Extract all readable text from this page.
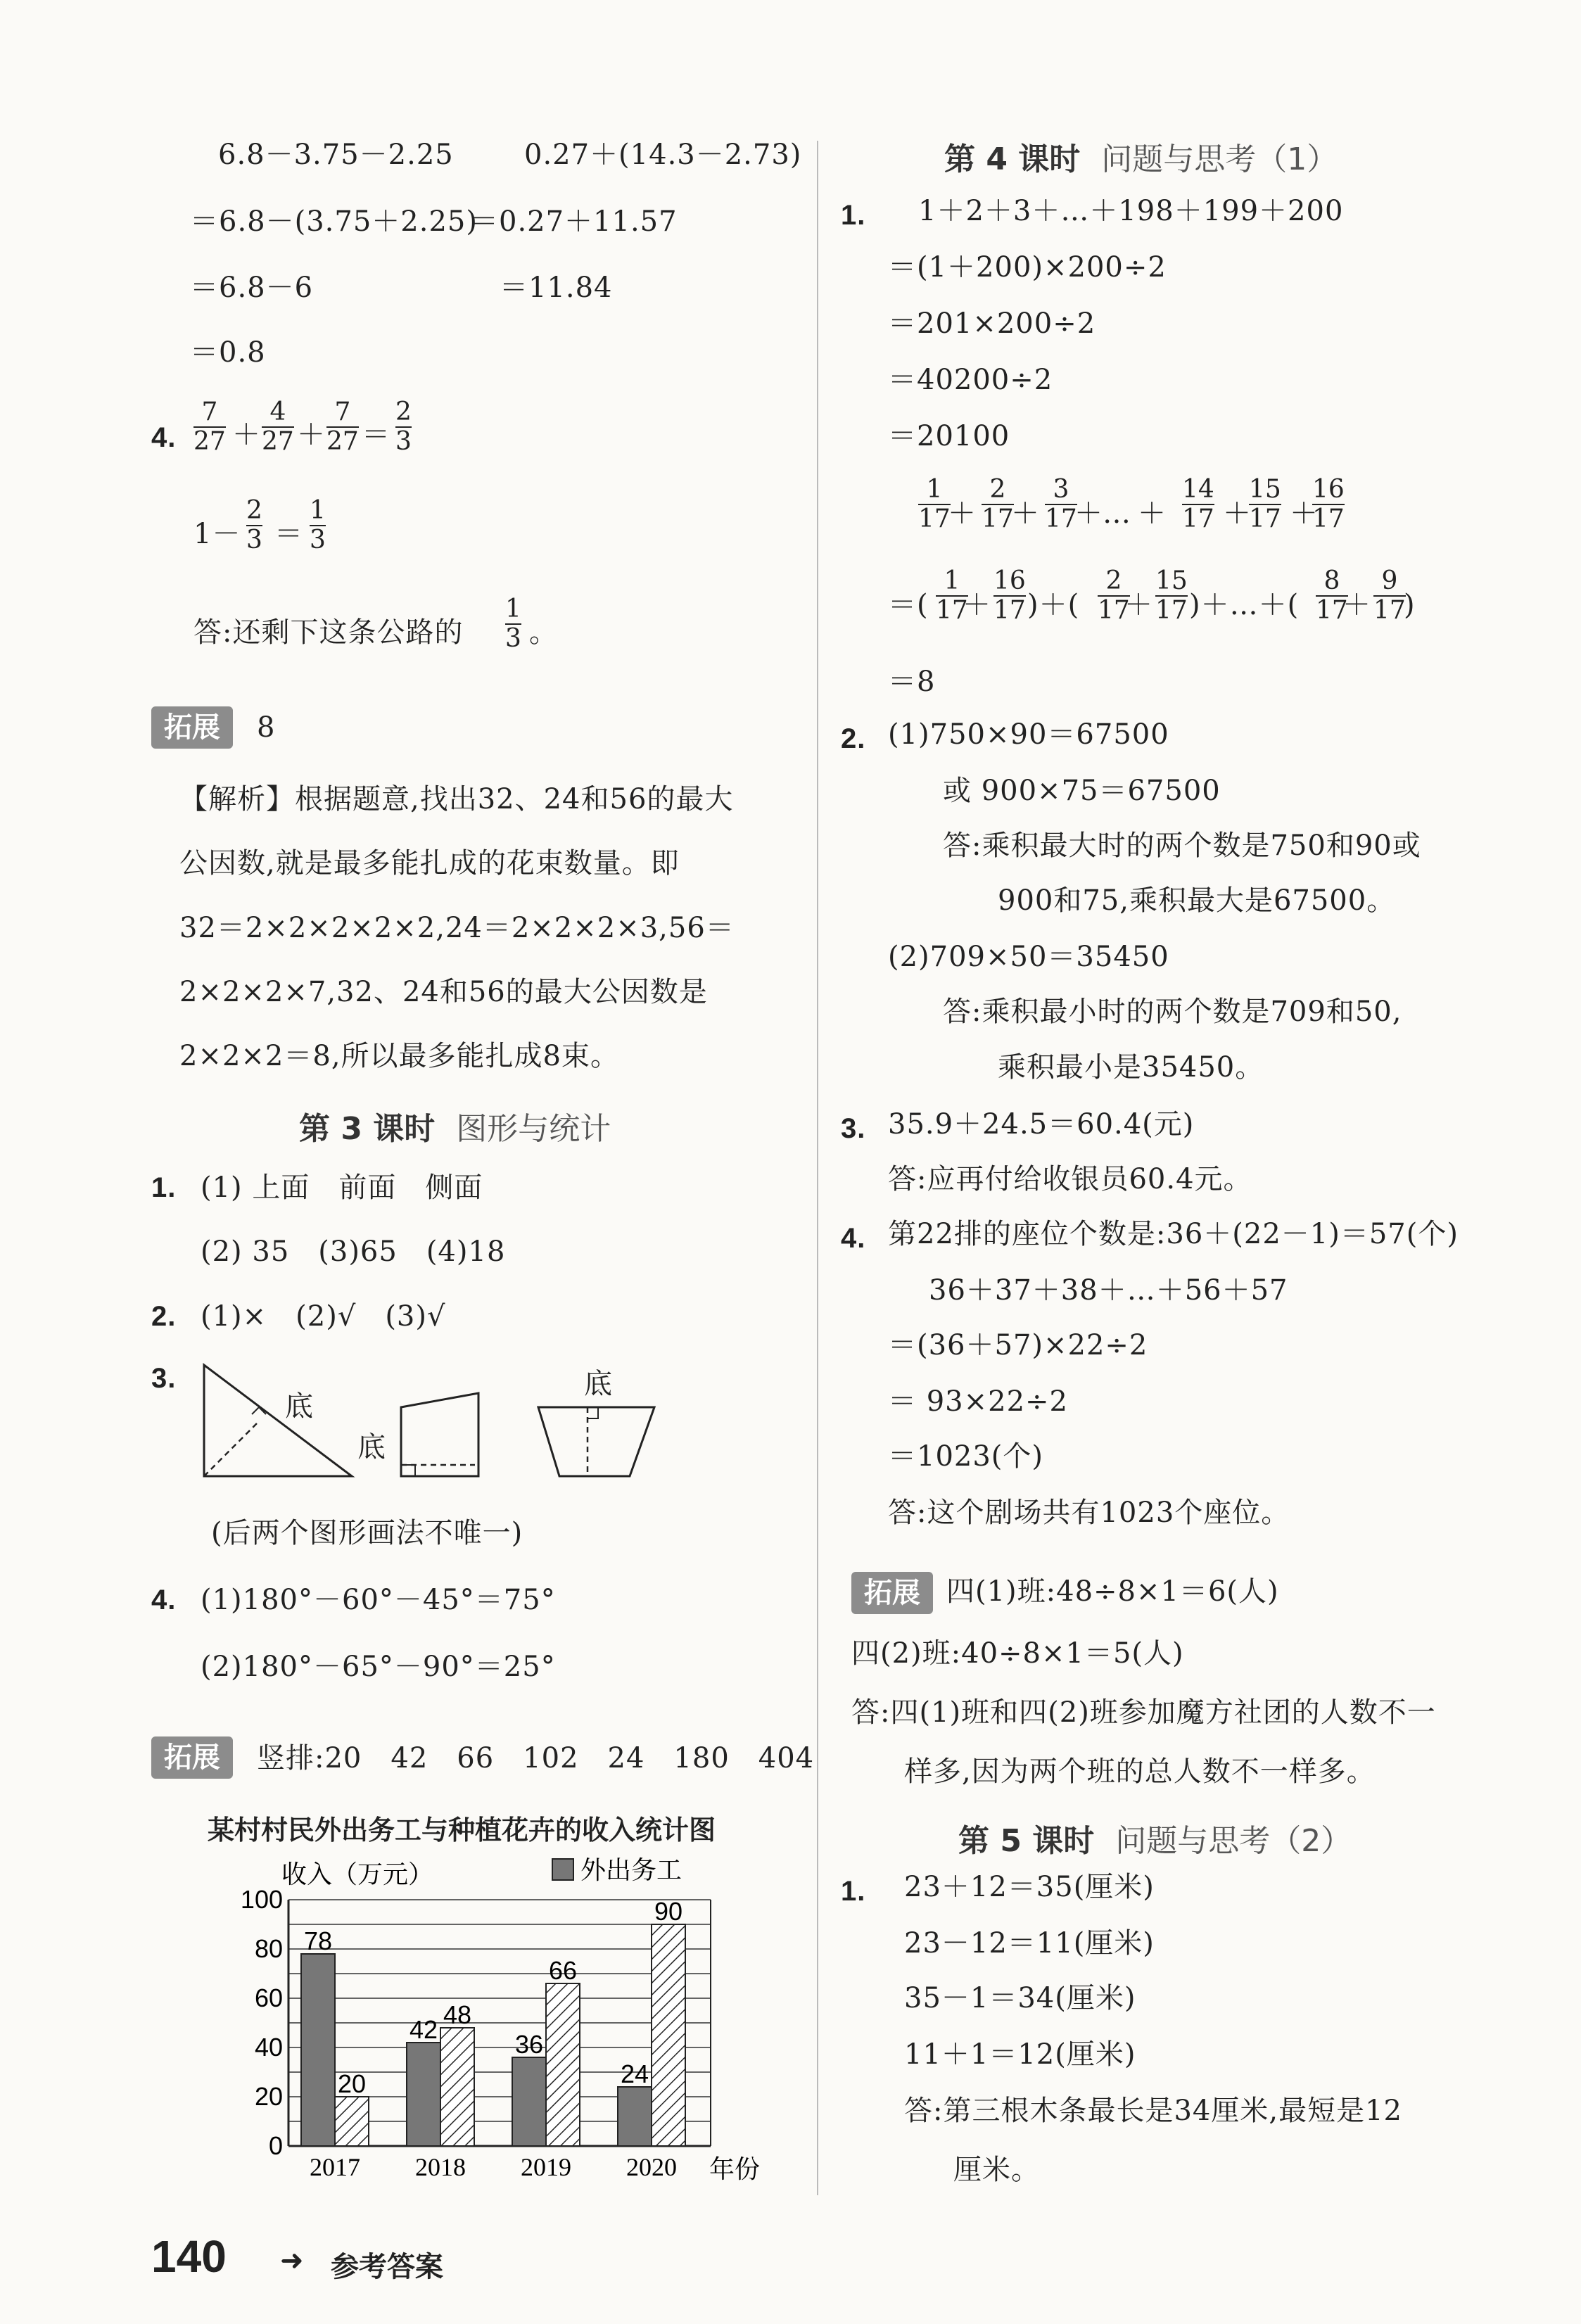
6.8－3.75－2.25	0.27＋(14.3－2.73)
＝6.8－(3.75＋2.25)
＝0.27＋11.57
＝6.8－6	＝11.84
＝0.8
4.
7
27 ＋
4
27 ＋
7
27 ＝
2
3
1－
2
3 ＝
1
3
答:还剩下这条公路的
1
3 。
拓展	8
【解析】根据题意,找出32、24和56的最大
公因数,就是最多能扎成的花束数量。即
32＝2×2×2×2×2,24＝2×2×2×3,56＝
2×2×2×7,32、24和56的最大公因数是
2×2×2＝8,所以最多能扎成8束。
第 3 课时 图形与统计
1. (1) 上面　前面　侧面
(2) 35　(3)65　(4)18
2. (1)×　(2)√　(3)√
3.
底
底
底
(后两个图形画法不唯一)
4. (1)180°－60°－45°＝75°
(2)180°－65°－90°＝25°
拓展	竖排:20　42　66　102　24　180　404
某村村民外出务工与种植花卉的收入统计图
0
20
40
60
80
100
收入（万元）
年份
78
20
2017
42
48
2018
36
66
2019
24
90
2020
外出务工
140 ➜ 参考答案
第 4 课时 问题与思考（1）
1. 1＋2＋3＋…＋198＋199＋200
＝(1＋200)×200÷2
＝201×200÷2
＝40200÷2
＝20100
1
17
＋
2
17
＋
3
17
＋ … ＋
14
17 ＋
15
17 ＋
16
17
＝(
1
17
＋
16
17 )＋(
2
17
＋
15
17 )＋…＋(
8
17
＋
9
17
)
＝8
2. (1)750×90＝67500
或 900×75＝67500
答:乘积最大时的两个数是750和90或
900和75,乘积最大是67500。
(2)709×50＝35450
答:乘积最小时的两个数是709和50,
乘积最小是35450。
3. 35.9＋24.5＝60.4(元)
答:应再付给收银员60.4元。
4. 第22排的座位个数是:36＋(22－1)＝57(个)
36＋37＋38＋…＋56＋57
＝(36＋57)×22÷2
＝ 93×22÷2
＝1023(个)
答:这个剧场共有1023个座位。
拓展 四(1)班:48÷8×1＝6(人)
四(2)班:40÷8×1＝5(人)
答:四(1)班和四(2)班参加魔方社团的人数不一
样多,因为两个班的总人数不一样多。
第 5 课时 问题与思考（2）
1. 23＋12＝35(厘米)
23－12＝11(厘米)
35－1＝34(厘米)
11＋1＝12(厘米)
答:第三根木条最长是34厘米,最短是12
厘米。
